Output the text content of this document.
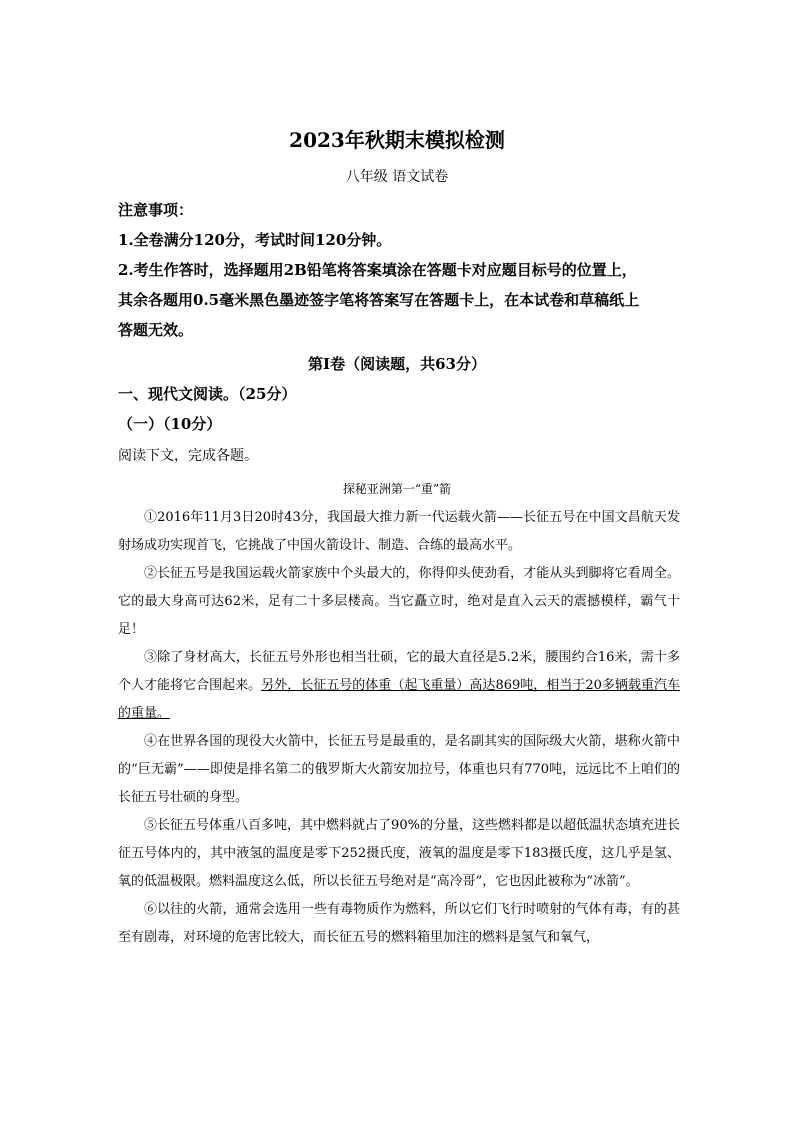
2023年秋期末模拟检测
八年级 语文试卷
注意事项：
1.全卷满分120分，考试时间120分钟。
2.考生作答时，选择题用2B铅笔将答案填涂在答题卡对应题目标号的位置上，
其余各题用0.5毫米黑色墨迹签字笔将答案写在答题卡上，在本试卷和草稿纸上
答题无效。
第Ⅰ卷（阅读题，共63分）
一、现代文阅读。（25分）
（一）（10分）
阅读下文，完成各题。
探秘亚洲第一“重”箭

①2016年11月3日20时43分，我国最大推力新一代运载火箭——长征五号在中国文昌航天发射场成功实现首飞，它挑战了中国火箭设计、制造、合练的最高水平。

②长征五号是我国运载火箭家族中个头最大的，你得仰头使劲看，才能从头到脚将它看周全。它的最大身高可达62米，足有二十多层楼高。当它矗立时，绝对是直入云天的震撼模样，霸气十足！

③除了身材高大，长征五号外形也相当壮硕，它的最大直径是5.2米，腰围约合16米，需十多个人才能将它合围起来。另外，长征五号的体重（起飞重量）高达869吨，相当于20多辆载重汽车的重量。

④在世界各国的现役大火箭中，长征五号是最重的，是名副其实的国际级大火箭，堪称火箭中的“巨无霸”——即使是排名第二的俄罗斯大火箭安加拉号，体重也只有770吨，远远比不上咱们的长征五号壮硕的身型。

⑤长征五号体重八百多吨，其中燃料就占了90%的分量，这些燃料都是以超低温状态填充进长征五号体内的，其中液氢的温度是零下252摄氏度，液氧的温度是零下183摄氏度，这几乎是氢、氧的低温极限。燃料温度这么低，所以长征五号绝对是“高冷哥”，它也因此被称为“冰箭”。

⑥以往的火箭，通常会选用一些有毒物质作为燃料，所以它们飞行时喷射的气体有毒，有的甚至有剧毒，对环境的危害比较大，而长征五号的燃料箱里加注的燃料是氢气和氧气，
